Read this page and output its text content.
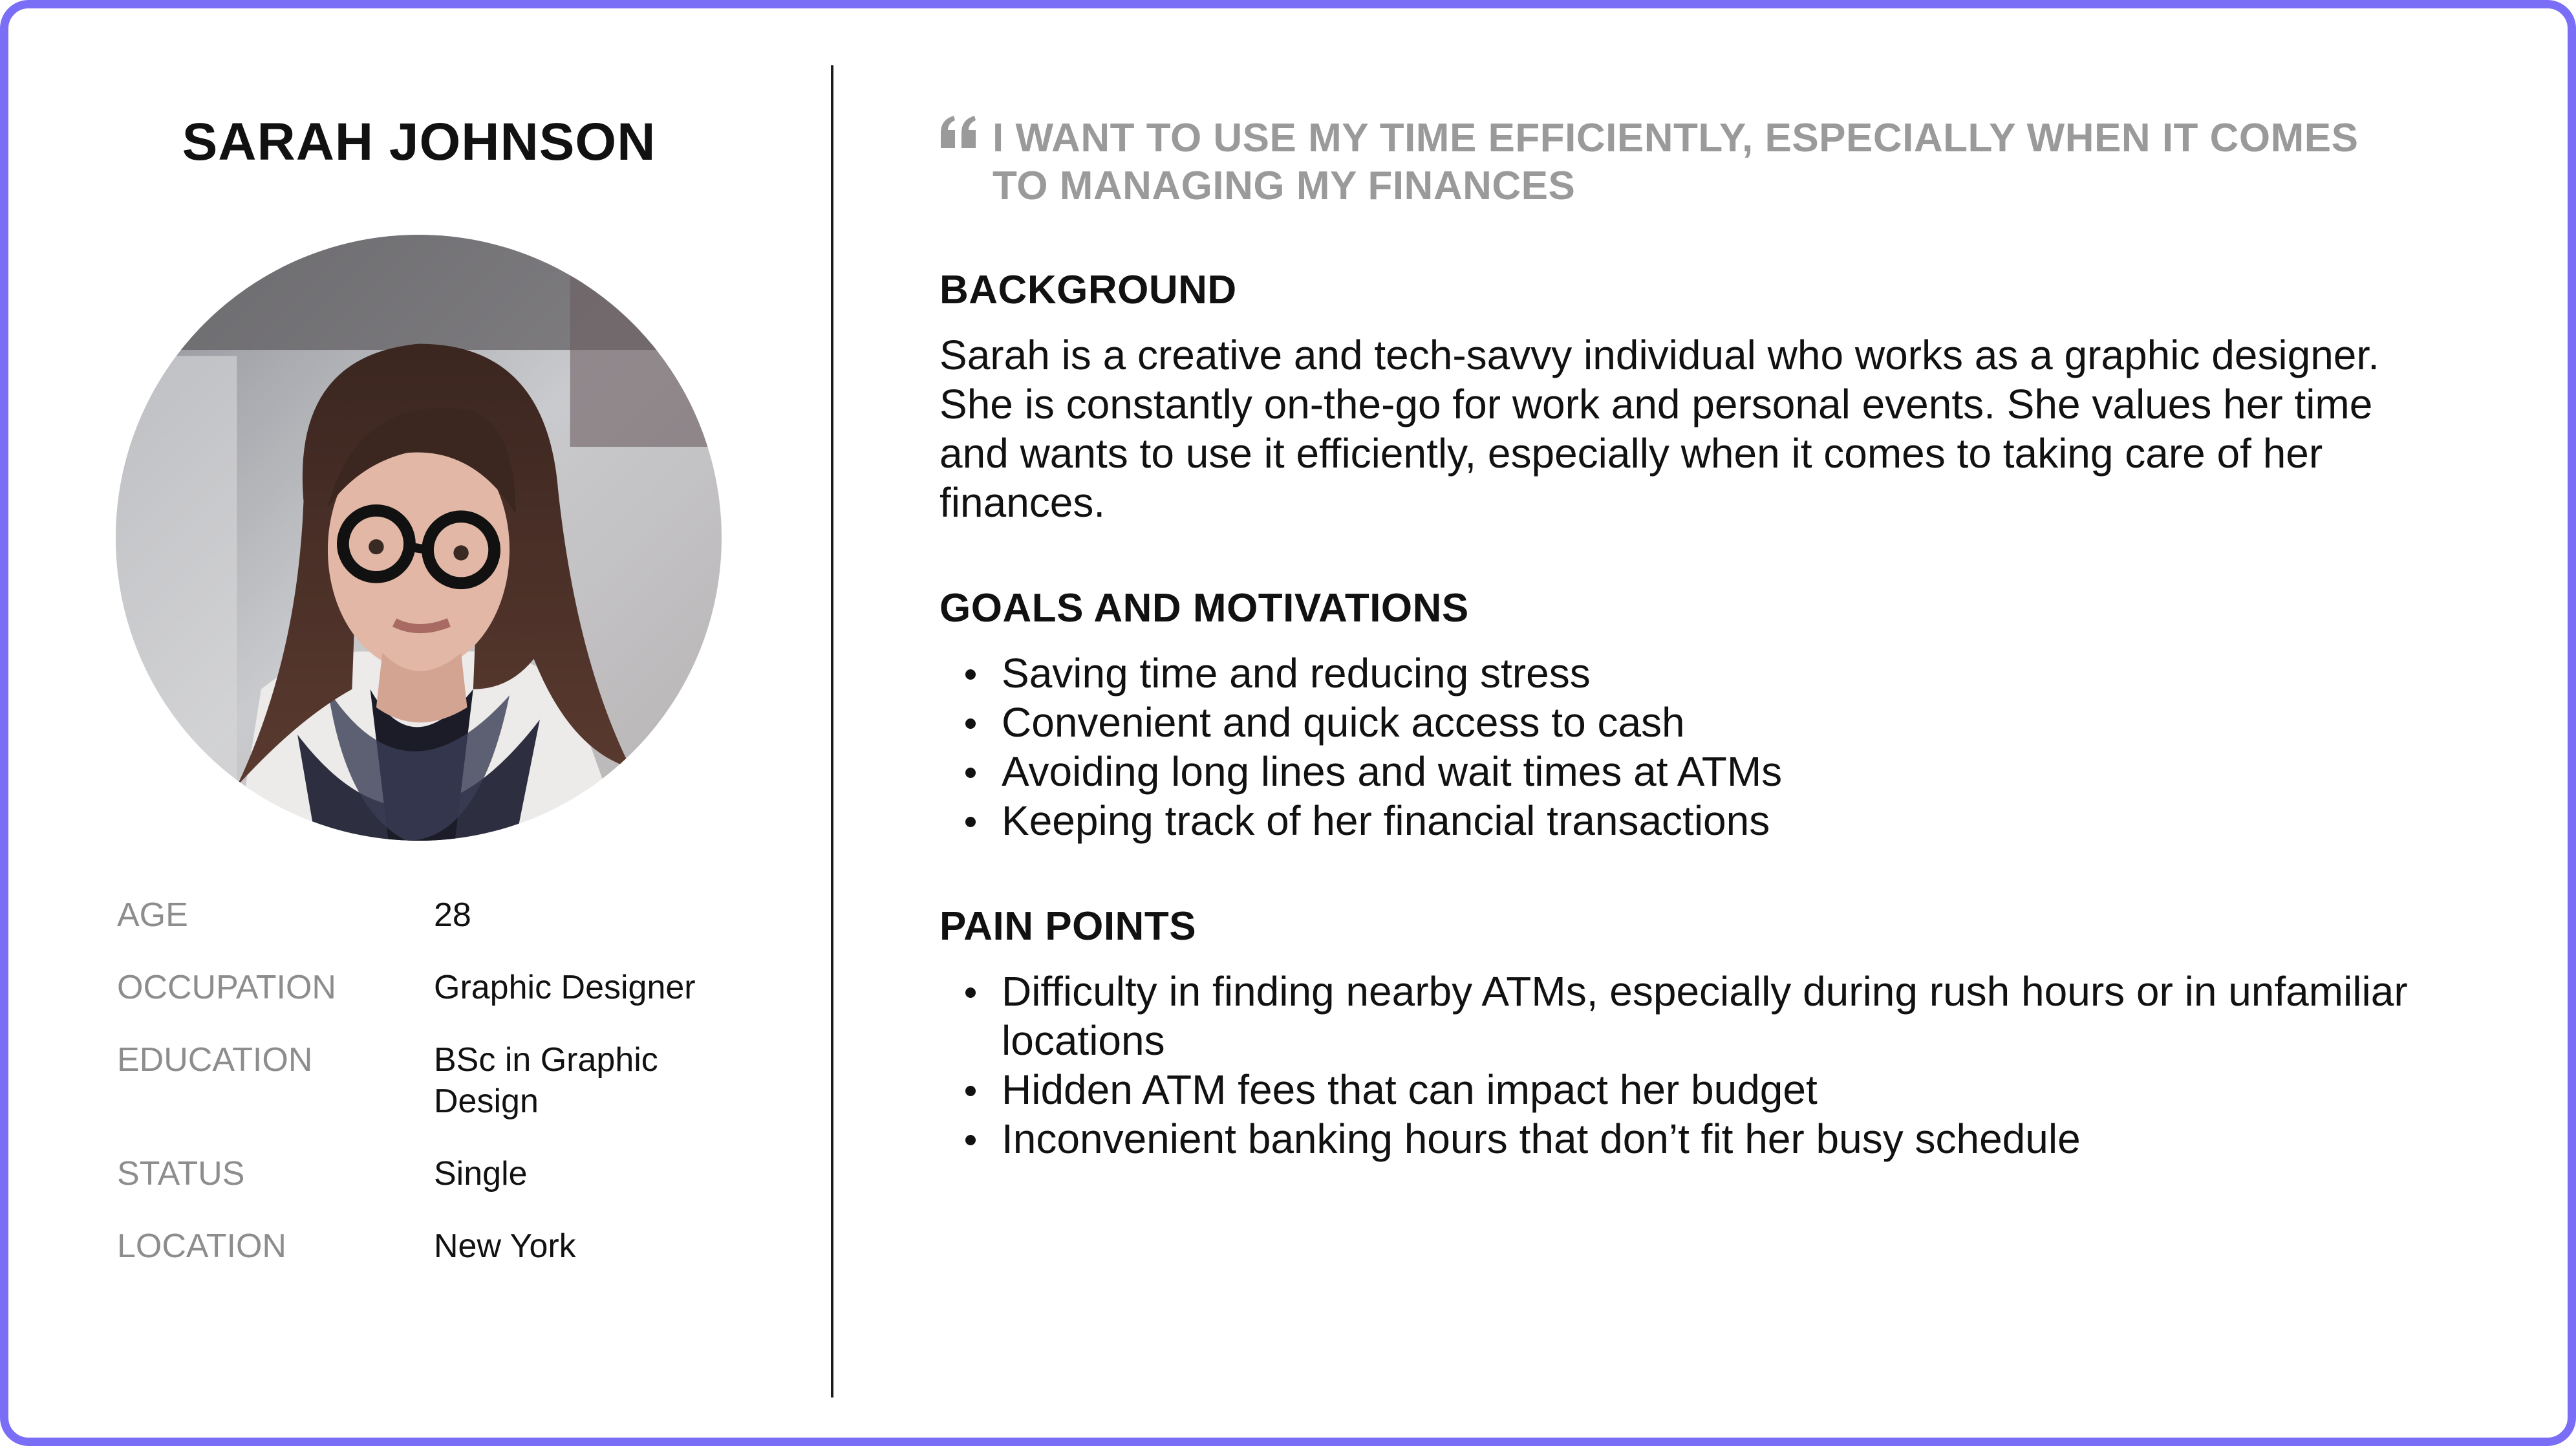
SARAH JOHNSON
AGE	28
OCCUPATION	Graphic Designer
EDUCATION	BSc in Graphic Design
STATUS	Single
LOCATION	New York

I WANT TO USE MY TIME EFFICIENTLY, ESPECIALLY WHEN IT COMES TO MANAGING MY FINANCES

BACKGROUND

Sarah is a creative and tech-savvy individual who works as a graphic designer. She is constantly on-the-go for work and personal events. She values her time and wants to use it efficiently, especially when it comes to taking care of her finances.

GOALS AND MOTIVATIONS
Saving time and reducing stress
Convenient and quick access to cash
Avoiding long lines and wait times at ATMs
Keeping track of her financial transactions
PAIN POINTS
Difficulty in finding nearby ATMs, especially during rush hours or in unfamiliar locations
Hidden ATM fees that can impact her budget
Inconvenient banking hours that don’t fit her busy schedule
